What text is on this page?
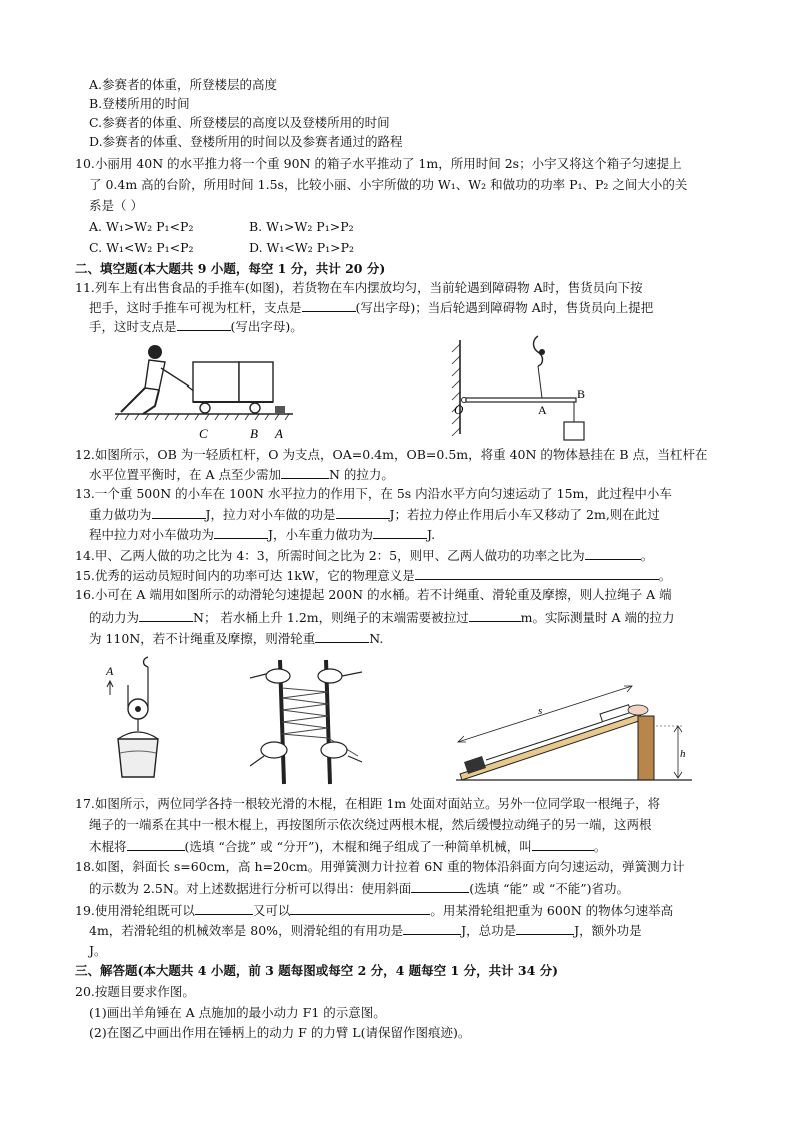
A.参赛者的体重，所登楼层的高度
B.登楼所用的时间
C.参赛者的体重、所登楼层的高度以及登楼所用的时间
D.参赛者的体重、登楼所用的时间以及参赛者通过的路程
10.小丽用 40N 的水平推力将一个重 90N 的箱子水平推动了 1m，所用时间 2s；小宇又将这个箱子匀速提上
了 0.4m 高的台阶，所用时间 1.5s，比较小丽、小宇所做的功 W₁、W₂ 和做功的功率 P₁、P₂ 之间大小的关
系是（ ）
A. W₁>W₂ P₁<P₂	B. W₁>W₂ P₁>P₂
C. W₁<W₂ P₁<P₂	D. W₁<W₂ P₁>P₂
二、填空题(本大题共 9 小题，每空 1 分，共计 20 分)
11.列车上有出售食品的手推车(如图)，若货物在车内摆放均匀，当前轮遇到障碍物 A时，售货员向下按
把手，这时手推车可视为杠杆，支点是	(写出字母)；当后轮遇到障碍物 A时，售货员向上提把
手，这时支点是	(写出字母)。
C	B A
O	A
B
12.如图所示，OB 为一轻质杠杆，O 为支点，OA=0.4m，OB=0.5m，将重 40N 的物体悬挂在 B 点，当杠杆在
水平位置平衡时，在 A 点至少需加	N 的拉力。
13.一个重 500N 的小车在 100N 水平拉力的作用下，在 5s 内沿水平方向匀速运动了 15m，此过程中小车
重力做功为	J，拉力对小车做的功是	J；若拉力停止作用后小车又移动了 2m,则在此过
程中拉力对小车做功为	J，小车重力做功为	J.
14.甲、乙两人做的功之比为 4：3，所需时间之比为 2：5，则甲、乙两人做功的功率之比为	。
15.优秀的运动员短时间内的功率可达 1kW，它的物理意义是	。
16.小可在 A 端用如图所示的动滑轮匀速提起 200N 的水桶。若不计绳重、滑轮重及摩擦，则人拉绳子 A 端
的动力为	N； 若水桶上升 1.2m，则绳子的末端需要被拉过	m。实际测量时 A 端的拉力
为 110N，若不计绳重及摩擦，则滑轮重	N.
A
s
h
17.如图所示，两位同学各持一根较光滑的木棍，在相距 1m 处面对面站立。另外一位同学取一根绳子，将
绳子的一端系在其中一根木棍上，再按图所示依次绕过两根木棍，然后缓慢拉动绳子的另一端，这两根
木棍将	(选填 “合拢” 或 “分开”)，木棍和绳子组成了一种简单机械，叫	。
18.如图，斜面长 s=60cm，高 h=20cm。用弹簧测力计拉着 6N 重的物体沿斜面方向匀速运动，弹簧测力计
的示数为 2.5N。对上述数据进行分析可以得出：使用斜面	(选填 “能” 或 “不能”)省功。
19.使用滑轮组既可以	又可以	。用某滑轮组把重为 600N 的物体匀速举高
4m，若滑轮组的机械效率是 80%，则滑轮组的有用功是	J，总功是	J，额外功是
J。
三、解答题(本大题共 4 小题，前 3 题每图或每空 2 分，4 题每空 1 分，共计 34 分)
20.按题目要求作图。
(1)画出羊角锤在 A 点施加的最小动力 F1 的示意图。
(2)在图乙中画出作用在锤柄上的动力 F 的力臂 L(请保留作图痕迹)。
